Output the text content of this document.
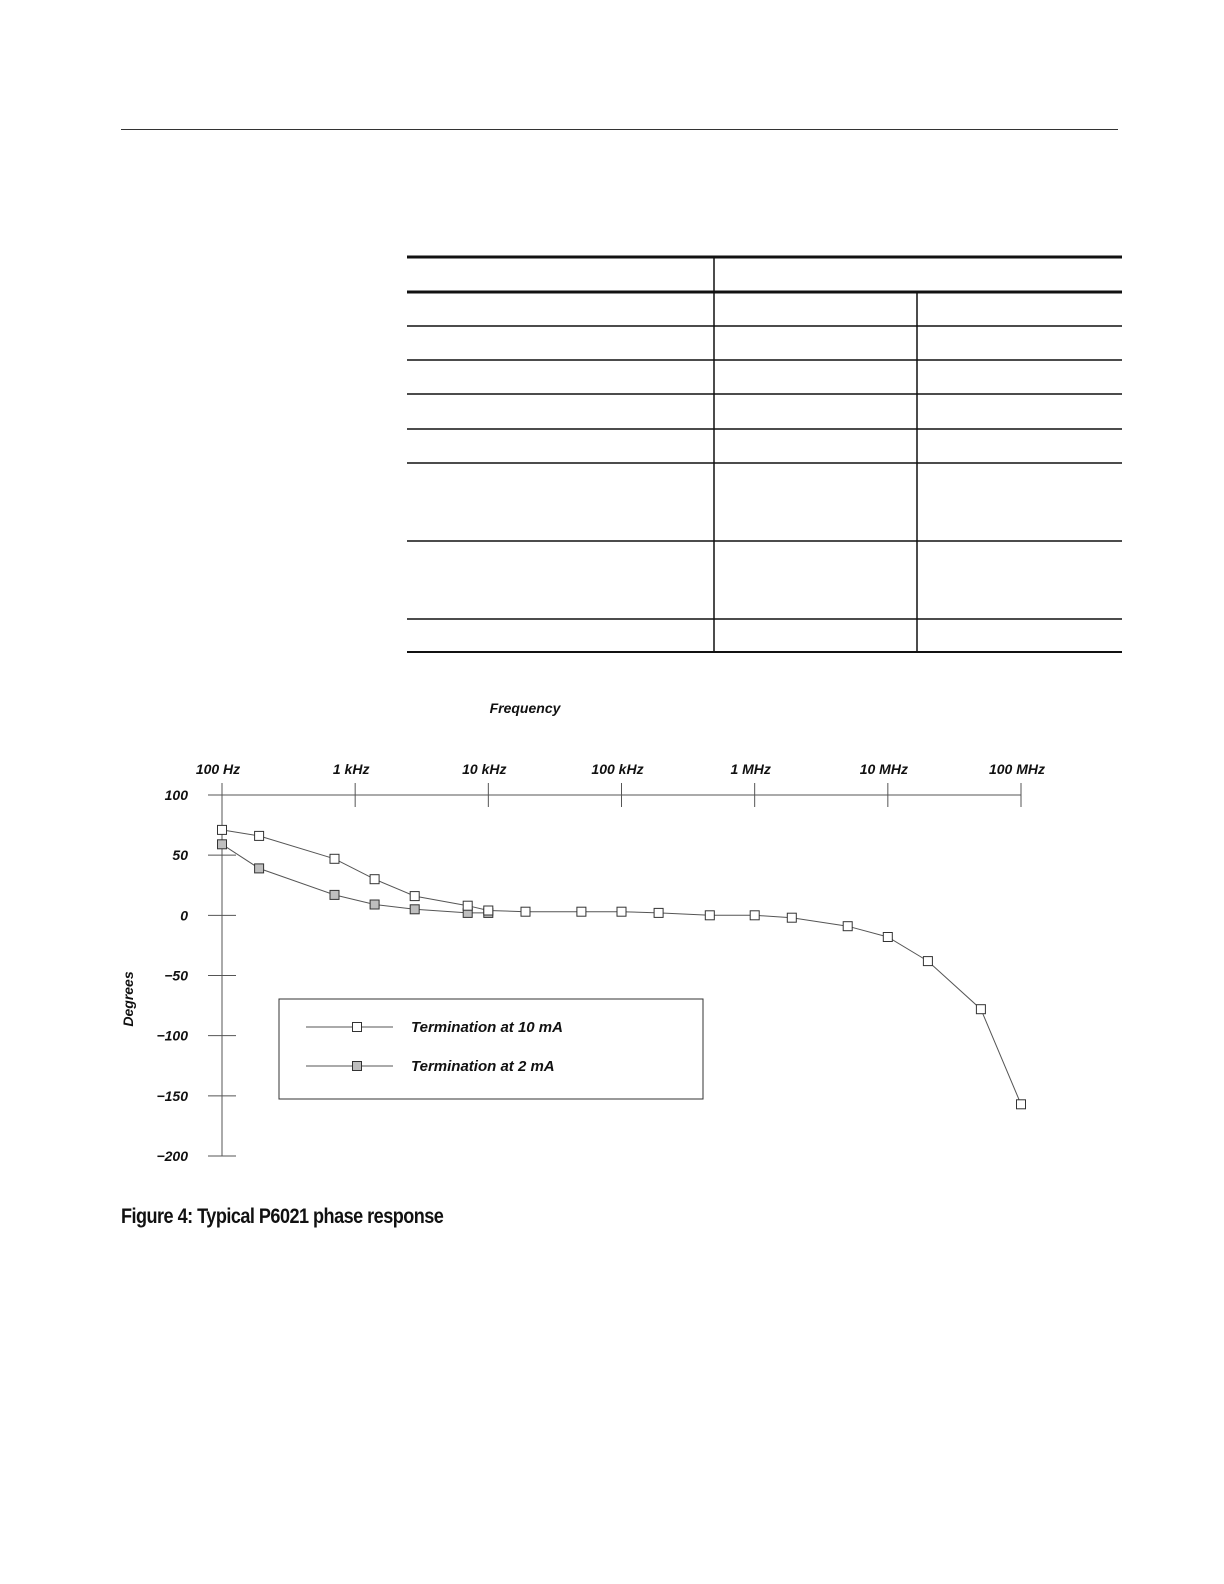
Frequency
Degrees
100 Hz	1 kHz	10 kHz	100 kHz	1 MHz	10 MHz	100 MHz
100
50
0
−50
−100
−150
−200
Termination at 10 mA
Termination at 2 mA
Figure 4: Typical P6021 phase response
